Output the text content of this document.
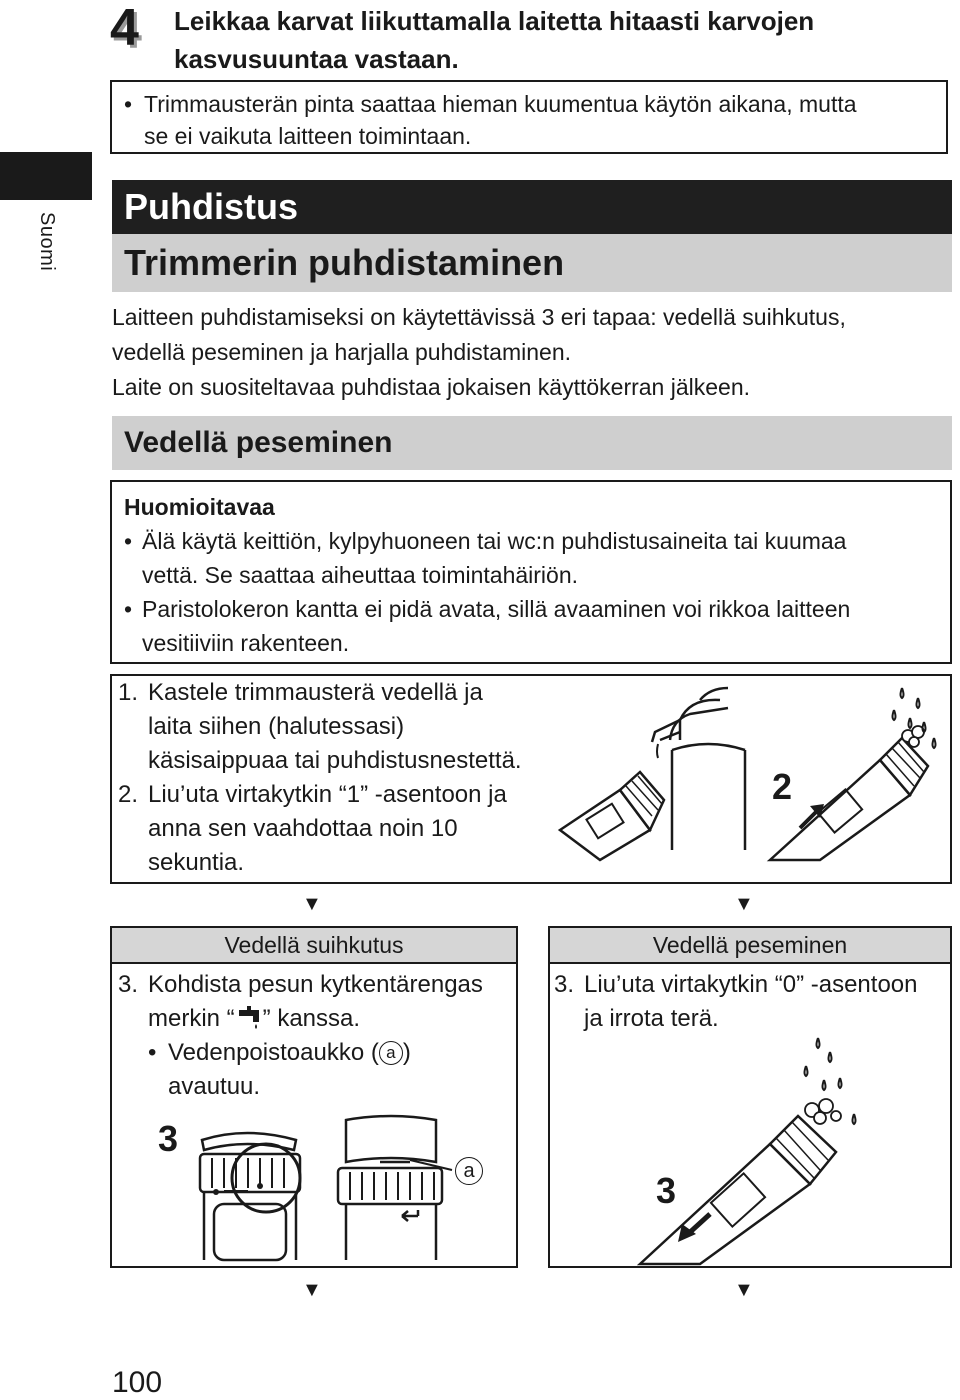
Suomi
4 Leikkaa karvat liikuttamalla laitetta hitaasti karvojen
kasvusuuntaa vastaan.
• Trimmausterän pinta saattaa hieman kuumentua käytön aikana, mutta
se ei vaikuta laitteen toimintaan.
Puhdistus
Trimmerin puhdistaminen
Laitteen puhdistamiseksi on käytettävissä 3 eri tapaa: vedellä suihkutus,
vedellä peseminen ja harjalla puhdistaminen.
Laite on suositeltavaa puhdistaa jokaisen käyttökerran jälkeen.
Vedellä peseminen
Huomioitavaa
• Älä käytä keittiön, kylpyhuoneen tai wc:n puhdistusaineita tai kuumaa
vettä. Se saattaa aiheuttaa toimintahäiriön.
• Paristolokeron kantta ei pidä avata, sillä avaaminen voi rikkoa laitteen
vesitiiviin rakenteen.
1. Kastele trimmausterä vedellä ja
laita siihen (halutessasi)
käsisaippuaa tai puhdistusnestettä.
2. Liu’uta virtakytkin “1” -asentoon ja
anna sen vaahdottaa noin 10
sekuntia.
2
▼	▼
Vedellä suihkutus
3. Kohdista pesun kytkentärengas
merkin “ ” kanssa.
• Vedenpoistoaukko ( a )
avautuu.
3
a
Vedellä peseminen
3. Liu’uta virtakytkin “0” -asentoon
ja irrota terä.
3
▼	▼
100
